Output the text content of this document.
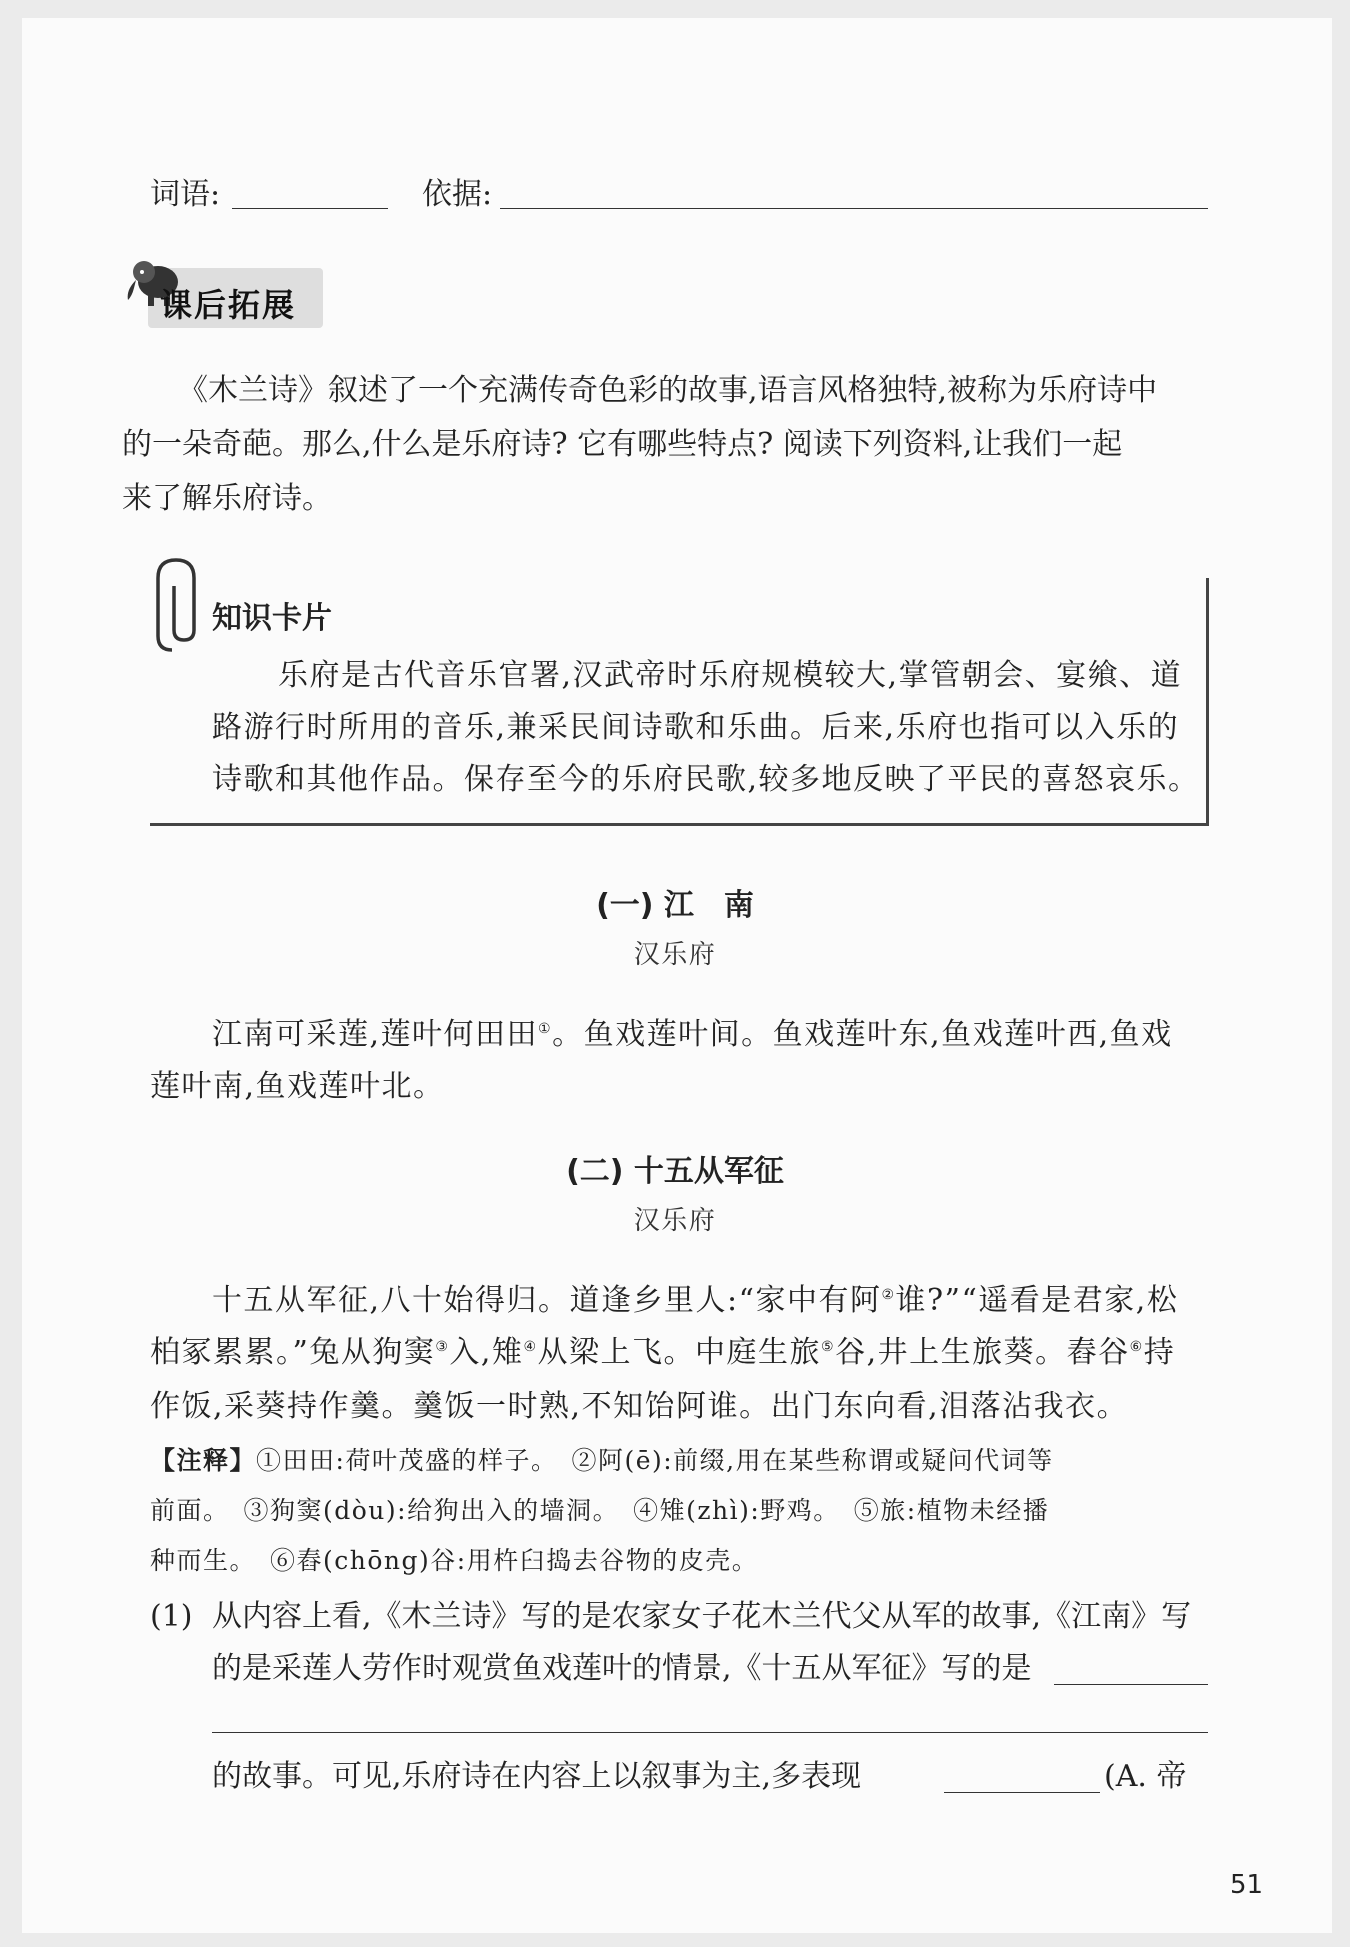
词语:	依据:
课后拓展
《木兰诗》叙述了一个充满传奇色彩的故事,语言风格独特,被称为乐府诗中
的一朵奇葩。那么,什么是乐府诗? 它有哪些特点? 阅读下列资料,让我们一起
来了解乐府诗。
知识卡片
乐府是古代音乐官署,汉武帝时乐府规模较大,掌管朝会、宴飨、道
路游行时所用的音乐,兼采民间诗歌和乐曲。后来,乐府也指可以入乐的
诗歌和其他作品。保存至今的乐府民歌,较多地反映了平民的喜怒哀乐。
(一) 江　南
汉乐府
江南可采莲,莲叶何田田①。鱼戏莲叶间。鱼戏莲叶东,鱼戏莲叶西,鱼戏
莲叶南,鱼戏莲叶北。
(二) 十五从军征
汉乐府
十五从军征,八十始得归。道逢乡里人:“家中有阿②谁?”“遥看是君家,松
柏冢累累。”兔从狗窦③入,雉④从梁上飞。中庭生旅⑤谷,井上生旅葵。舂谷⑥持
作饭,采葵持作羹。羹饭一时熟,不知饴阿谁。出门东向看,泪落沾我衣。
【注释】①田田:荷叶茂盛的样子。　②阿(ē):前缀,用在某些称谓或疑问代词等
前面。　③狗窦(dòu):给狗出入的墙洞。　④雉(zhì):野鸡。　⑤旅:植物未经播
种而生。　⑥舂(chōng)谷:用杵臼捣去谷物的皮壳。
(1) 从内容上看,《木兰诗》写的是农家女子花木兰代父从军的故事,《江南》写
的是采莲人劳作时观赏鱼戏莲叶的情景,《十五从军征》写的是
的故事。可见,乐府诗在内容上以叙事为主,多表现	(A. 帝
51
